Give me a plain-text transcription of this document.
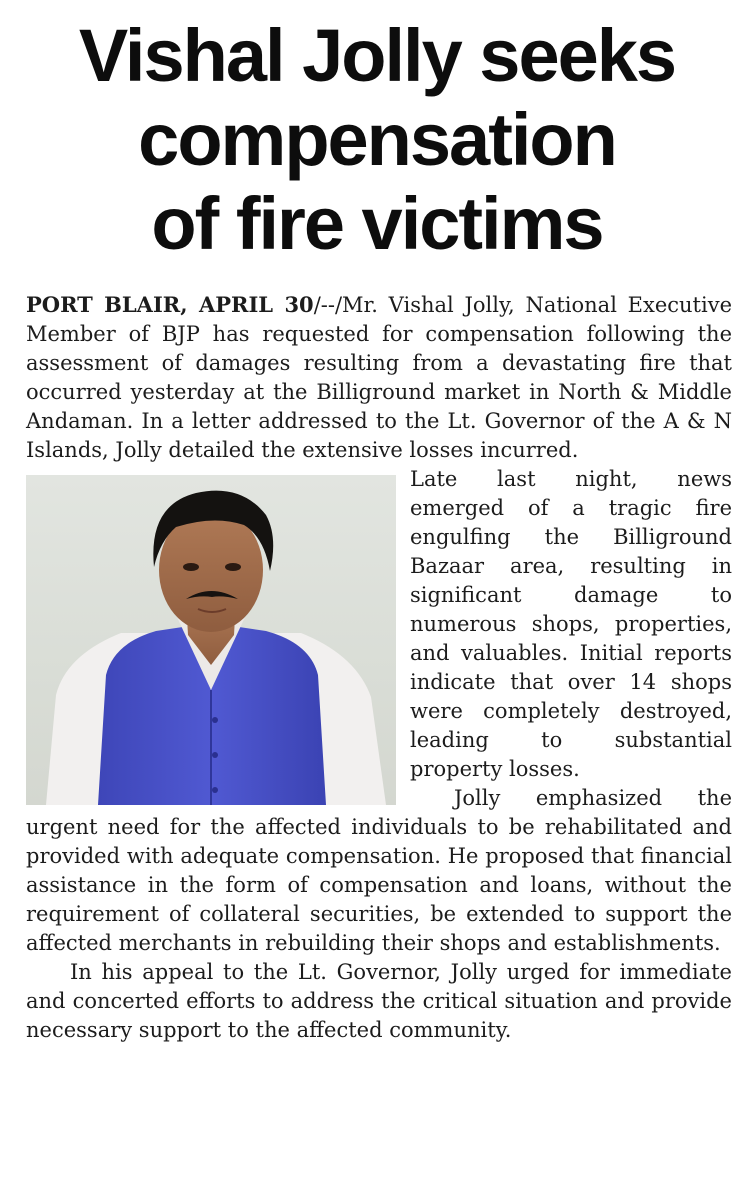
Vishal Jolly seeks
compensation
of fire victims

PORT BLAIR, APRIL 30/--/Mr. Vishal Jolly, National Executive Member of BJP has requested for compensation following the assessment of damages resulting from a devastating fire that occurred yesterday at the Billiground market in North & Middle Andaman. In a letter addressed to the Lt. Governor of the A & N Islands, Jolly detailed the extensive losses incurred.

Late last night, news emerged of a tragic fire engulfing the Billiground Bazaar area, resulting in significant damage to numerous shops, properties, and valuables. Initial reports indicate that over 14 shops were completely destroyed, leading to substantial property losses.

Jolly emphasized the urgent need for the affected individuals to be rehabilitated and provided with adequate compensation. He proposed that financial assistance in the form of compensation and loans, without the requirement of collateral securities, be extended to support the affected merchants in rebuilding their shops and establishments.

In his appeal to the Lt. Governor, Jolly urged for immediate and concerted efforts to address the critical situation and provide necessary support to the affected community.
